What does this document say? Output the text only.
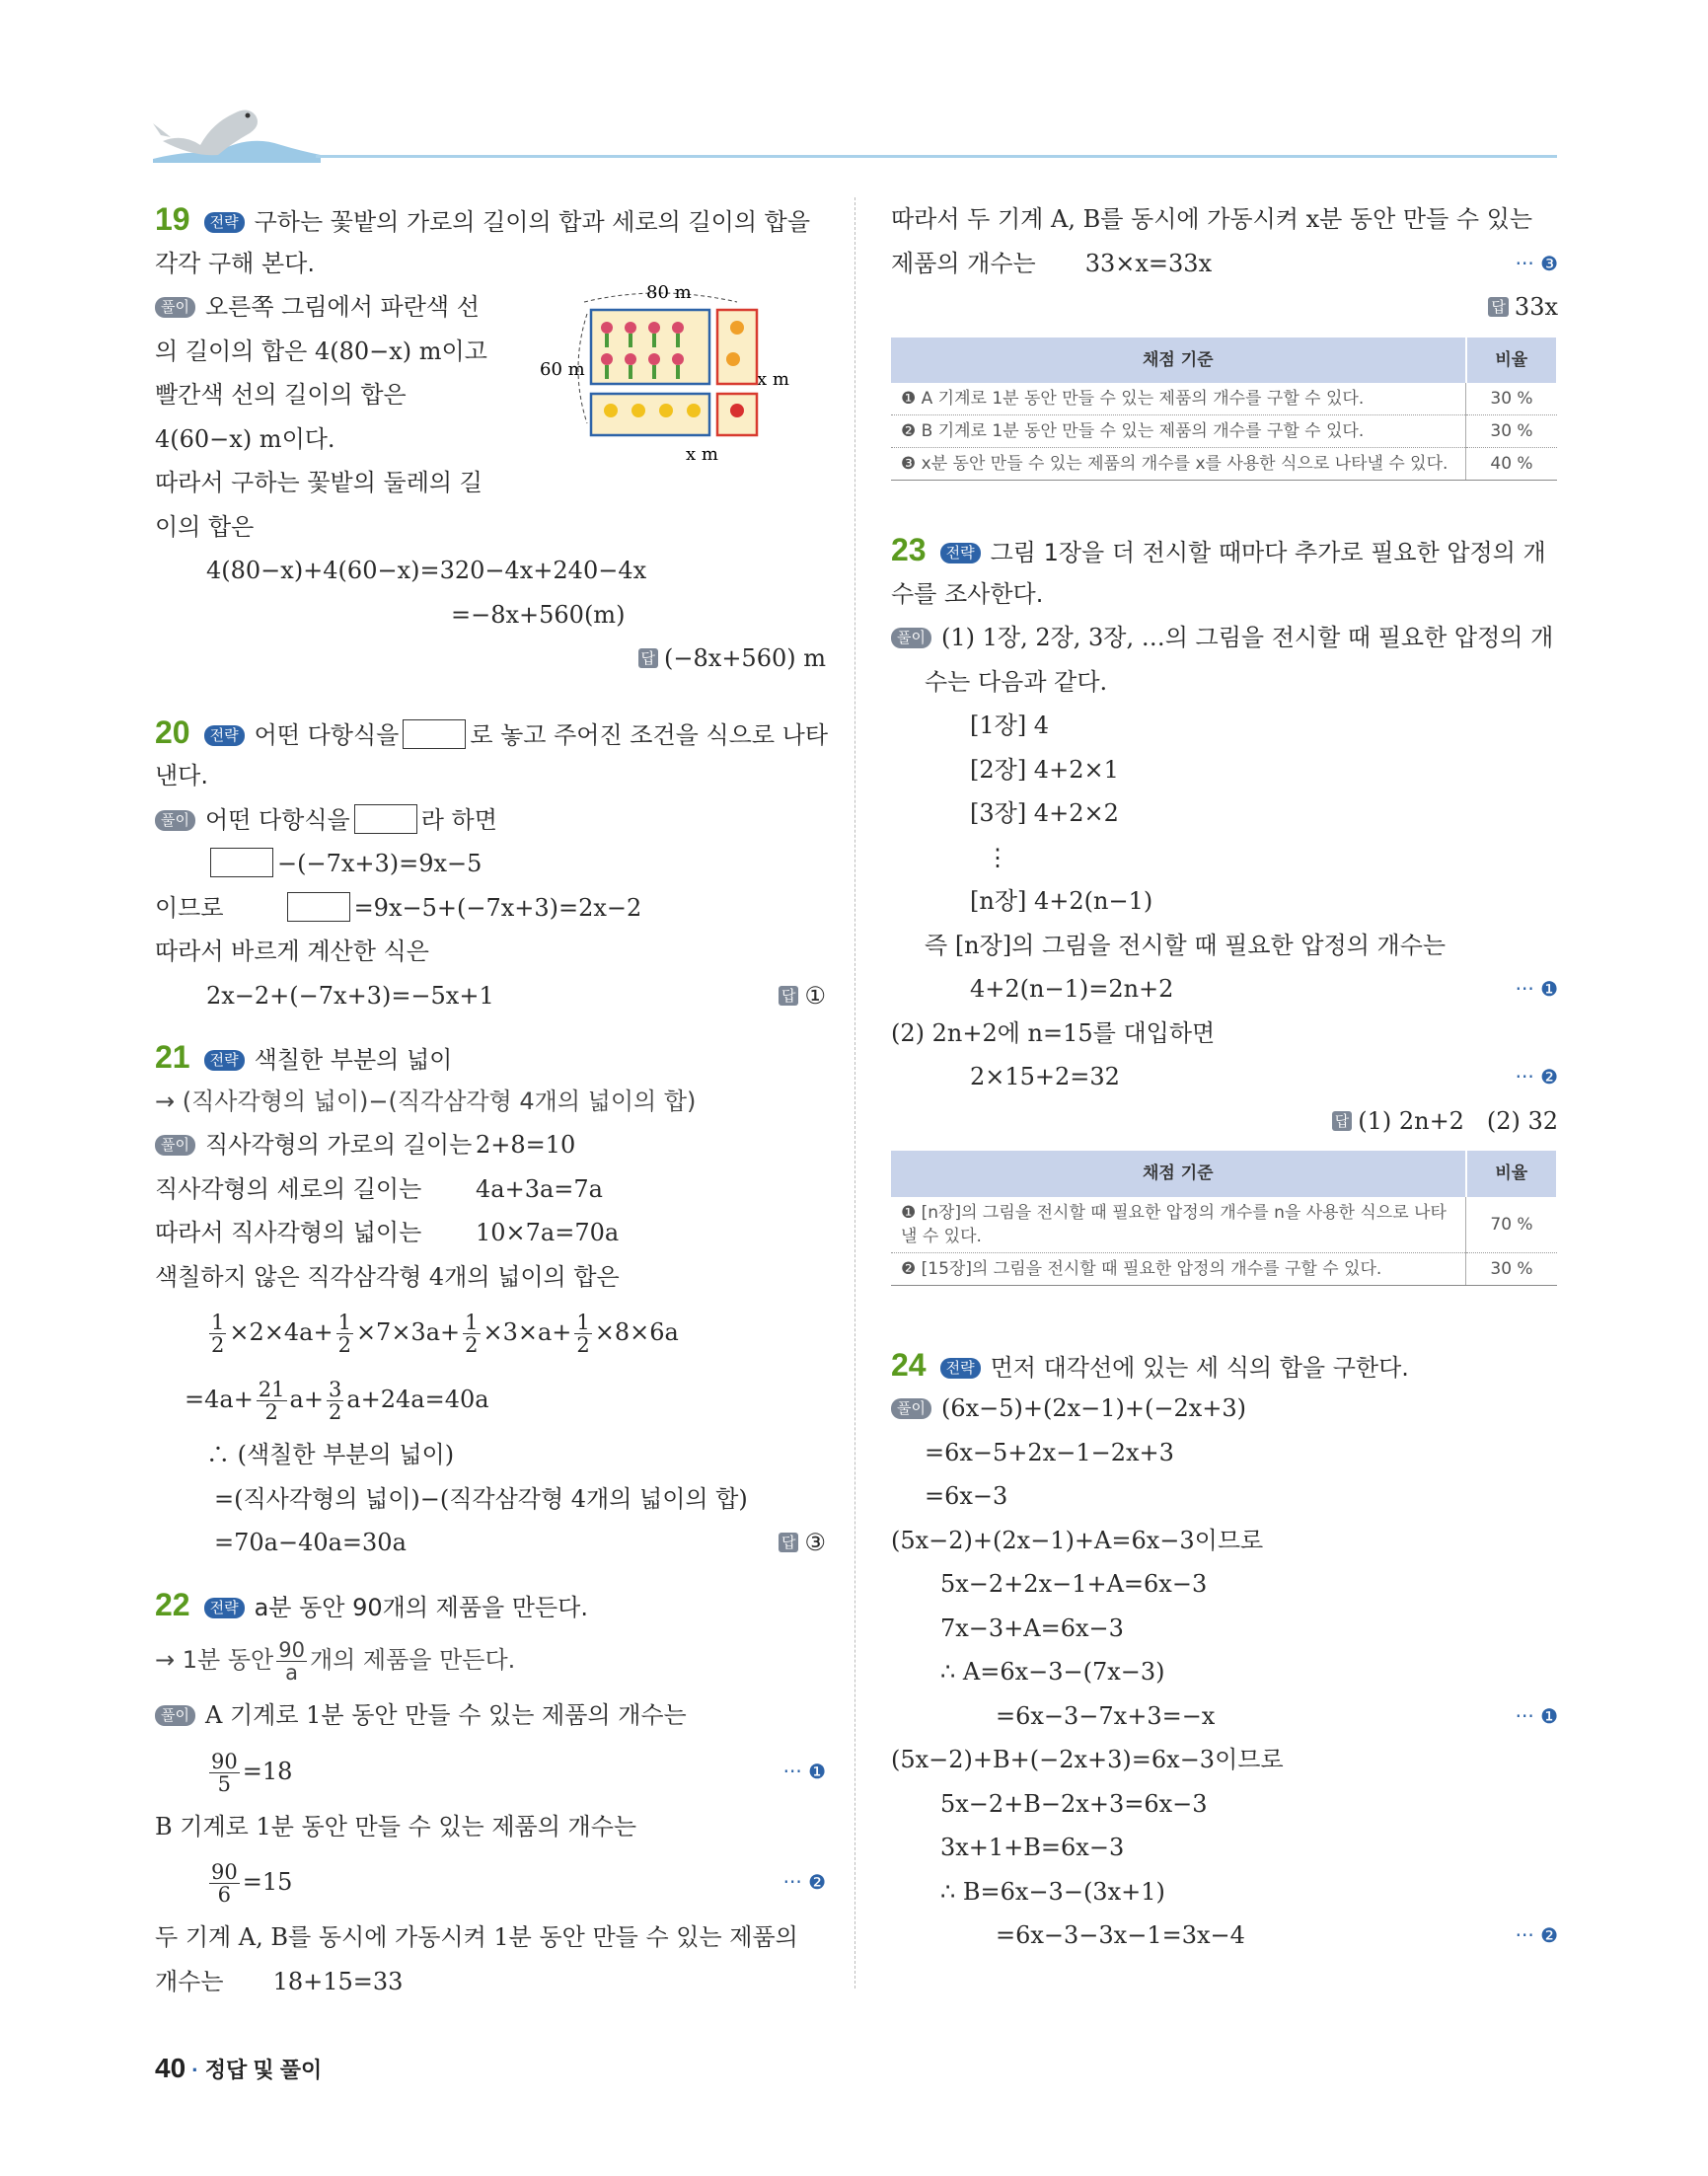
19 전략 구하는 꽃밭의 가로의 길이의 합과 세로의 길이의 합을
각각 구해 본다.
풀이 오른쪽 그림에서 파란색 선
의 길이의 합은 4(80−x) m이고
빨간색 선의 길이의 합은
4(60−x) m이다.
따라서 구하는 꽃밭의 둘레의 길
이의 합은
4(80−x)+4(60−x)=320−4x+240−4x
=−8x+560(m)
답 (−8x+560) m
80 m
60 m	x m
x m
20 전략 어떤 다항식을	로 놓고 주어진 조건을 식으로 나타
낸다.
풀이 어떤 다항식을	라 하면
−(−7x+3)=9x−5
이므로	=9x−5+(−7x+3)=2x−2
따라서 바르게 계산한 식은
2x−2+(−7x+3)=−5x+1	답 ①
21 전략 색칠한 부분의 넓이
→ (직사각형의 넓이)−(직각삼각형 4개의 넓이의 합)
풀이 직사각형의 가로의 길이는 2+8=10
직사각형의 세로의 길이는 4a+3a=7a
따라서 직사각형의 넓이는 10×7a=70a
색칠하지 않은 직각삼각형 4개의 넓이의 합은
$\frac{1}{2} \times 2\times 4a+ \frac{1}{2} \times 7\times 3a+ \frac{1}{2} \times 3\times a+ \frac{1}{2} \times 8\times 6a$
$=4a+ \frac{21}{2} a+ \frac{3}{2} a+24a=40a$
∴ (색칠한 부분의 넓이)
=(직사각형의 넓이)−(직각삼각형 4개의 넓이의 합)
=70a−40a=30a	답 ③
22 전략 a분 동안 90개의 제품을 만든다.
→ 1분 동안 $\frac{90}{a}$ 개의 제품을 만든다.
풀이 A 기계로 1분 동안 만들 수 있는 제품의 개수는
$\frac{90}{5} =18$	··· ❶
B 기계로 1분 동안 만들 수 있는 제품의 개수는
$\frac{90}{6} =15$	··· ❷
두 기계 A, B를 동시에 가동시켜 1분 동안 만들 수 있는 제품의
개수는 18+15=33
따라서 두 기계 A, B를 동시에 가동시켜 x분 동안 만들 수 있는
제품의 개수는 33×x=33x	··· ❸
답 33x
채점 기준	비율
❶ A 기계로 1분 동안 만들 수 있는 제품의 개수를 구할 수 있다.	30 %
❷ B 기계로 1분 동안 만들 수 있는 제품의 개수를 구할 수 있다.	30 %
❸ x분 동안 만들 수 있는 제품의 개수를 x를 사용한 식으로 나타낼 수 있다.	40 %
23 전략 그림 1장을 더 전시할 때마다 추가로 필요한 압정의 개
수를 조사한다.
풀이 (1) 1장, 2장, 3장, …의 그림을 전시할 때 필요한 압정의 개
수는 다음과 같다.
[1장] 4
[2장] 4+2×1
[3장] 4+2×2
⋮
[n장] 4+2(n−1)
즉 [n장]의 그림을 전시할 때 필요한 압정의 개수는
4+2(n−1)=2n+2	··· ❶
(2) 2n+2에 n=15를 대입하면
2×15+2=32	··· ❷
답 (1) 2n+2   (2) 32
채점 기준	비율
❶ [n장]의 그림을 전시할 때 필요한 압정의 개수를 n을 사용한 식으로 나타낼 수 있다.	70 %
❷ [15장]의 그림을 전시할 때 필요한 압정의 개수를 구할 수 있다.	30 %
24 전략 먼저 대각선에 있는 세 식의 합을 구한다.
풀이 (6x−5)+(2x−1)+(−2x+3)
=6x−5+2x−1−2x+3
=6x−3
(5x−2)+(2x−1)+A=6x−3이므로
5x−2+2x−1+A=6x−3
7x−3+A=6x−3
∴ A=6x−3−(7x−3)
=6x−3−7x+3=−x	··· ❶
(5x−2)+B+(−2x+3)=6x−3이므로
5x−2+B−2x+3=6x−3
3x+1+B=6x−3
∴ B=6x−3−(3x+1)
=6x−3−3x−1=3x−4	··· ❷
40 · 정답 및 풀이
